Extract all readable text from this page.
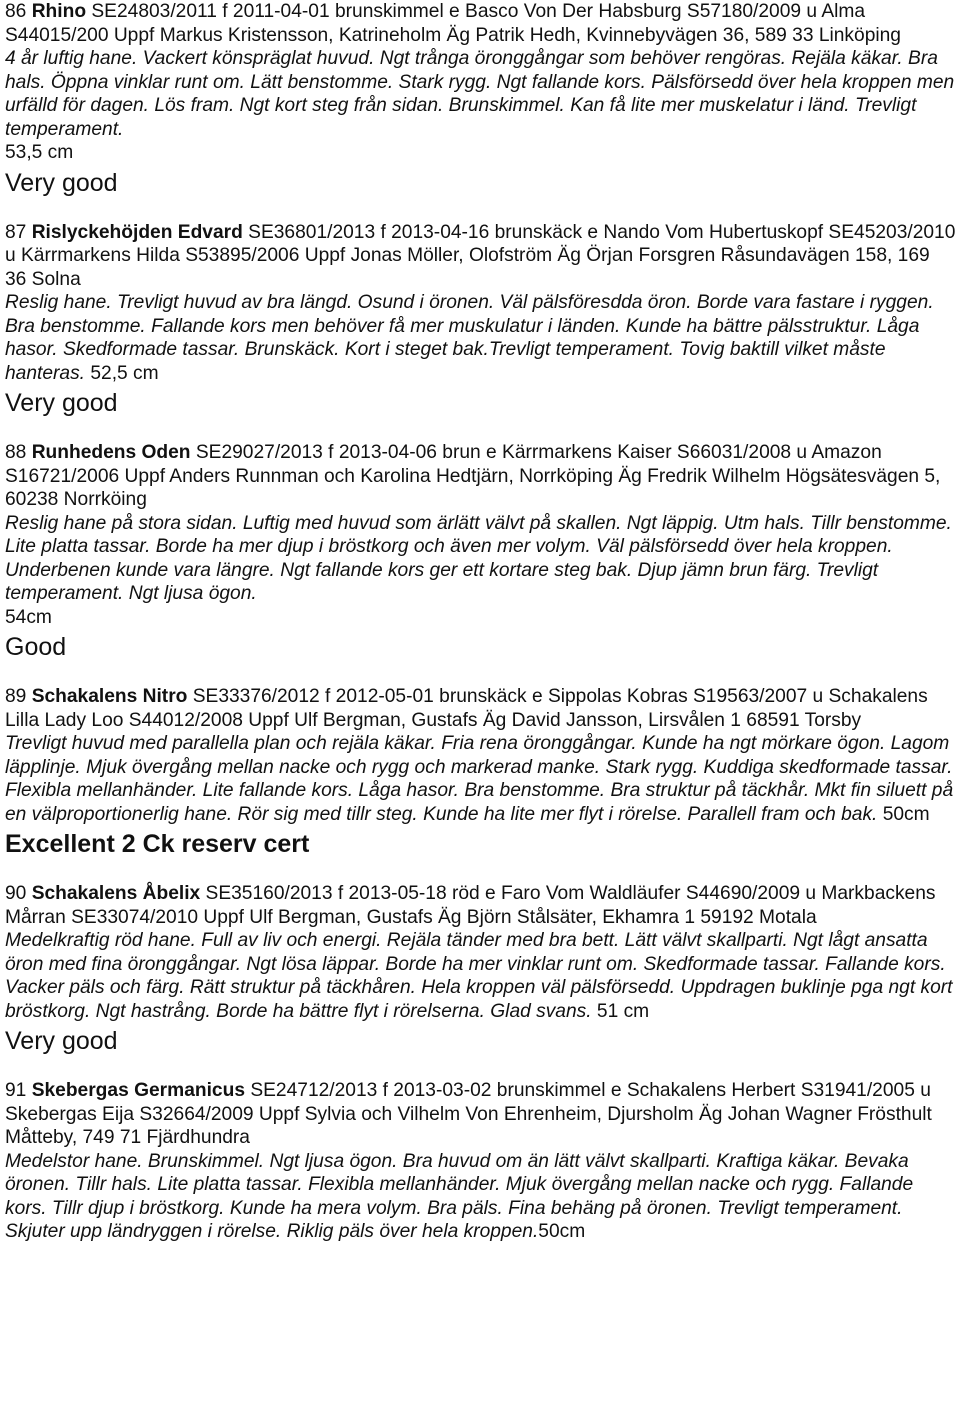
86 Rhino SE24803/2011 f 2011-04-01 brunskimmel e Basco Von Der Habsburg S57180/2009 u Alma S44015/200 Uppf Markus Kristensson, Katrineholm Äg Patrik Hedh, Kvinnebyvägen 36, 589 33 Linköping

4 år luftig hane. Vackert könspräglat huvud. Ngt trånga öronggångar som behöver rengöras. Rejäla käkar. Bra hals. Öppna vinklar runt om. Lätt benstomme. Stark rygg. Ngt fallande kors. Pälsförsedd över hela kroppen men urfälld för dagen. Lös fram. Ngt kort steg från sidan. Brunskimmel. Kan få lite mer muskelatur i länd. Trevligt temperament.
53,5 cm

Very good

87 Rislyckehöjden Edvard SE36801/2013 f 2013-04-16 brunskäck e Nando Vom Hubertuskopf SE45203/2010 u Kärrmarkens Hilda S53895/2006 Uppf Jonas Möller, Olofström Äg Örjan Forsgren Råsundavägen 158, 169 36 Solna

Reslig hane. Trevligt huvud av bra längd. Osund i öronen. Väl pälsföresdda öron. Borde vara fastare i ryggen. Bra benstomme. Fallande kors men behöver få mer muskulatur i länden. Kunde ha bättre pälsstruktur. Låga hasor. Skedformade tassar. Brunskäck. Kort i steget bak.Trevligt temperament. Tovig baktill vilket måste hanteras. 52,5 cm

Very good

88 Runhedens Oden SE29027/2013 f 2013-04-06 brun e Kärrmarkens Kaiser S66031/2008 u Amazon S16721/2006 Uppf Anders Runnman och Karolina Hedtjärn, Norrköping Äg Fredrik Wilhelm Högsätesvägen 5, 60238 Norrköing

Reslig hane på stora sidan. Luftig med huvud som ärlätt välvt på skallen. Ngt läppig. Utm hals. Tillr benstomme. Lite platta tassar. Borde ha mer djup i bröstkorg och även mer volym. Väl pälsförsedd över hela kroppen. Underbenen kunde vara längre. Ngt fallande kors ger ett kortare steg bak. Djup jämn brun färg. Trevligt temperament. Ngt ljusa ögon.
54cm

Good

89 Schakalens Nitro SE33376/2012 f 2012-05-01 brunskäck e Sippolas Kobras S19563/2007 u Schakalens Lilla Lady Loo S44012/2008 Uppf Ulf Bergman, Gustafs Äg David Jansson, Lirsvålen 1 68591 Torsby

Trevligt huvud med parallella plan och rejäla käkar. Fria rena öronggångar. Kunde ha ngt mörkare ögon. Lagom läpplinje. Mjuk övergång mellan nacke och rygg och markerad manke. Stark rygg. Kuddiga skedformade tassar. Flexibla mellanhänder. Lite fallande kors. Låga hasor. Bra benstomme. Bra struktur på täckhår. Mkt fin siluett på en välproportionerlig hane. Rör sig med tillr steg. Kunde ha lite mer flyt i rörelse. Parallell fram och bak. 50cm

Excellent 2 Ck reserv cert

90 Schakalens Åbelix SE35160/2013 f 2013-05-18 röd e Faro Vom Waldläufer S44690/2009 u Markbackens Mårran SE33074/2010 Uppf Ulf Bergman, Gustafs Äg Björn Stålsäter, Ekhamra 1 59192 Motala

Medelkraftig röd hane. Full av liv och energi. Rejäla tänder med bra bett. Lätt välvt skallparti. Ngt lågt ansatta öron med fina öronggångar. Ngt lösa läppar. Borde ha mer vinklar runt om. Skedformade tassar. Fallande kors. Vacker päls och färg. Rätt struktur på täckhåren. Hela kroppen väl pälsförsedd. Uppdragen buklinje pga ngt kort bröstkorg. Ngt hastrång. Borde ha bättre flyt i rörelserna. Glad svans. 51 cm

Very good

91 Skebergas Germanicus SE24712/2013 f 2013-03-02 brunskimmel e Schakalens Herbert S31941/2005 u Skebergas Eija S32664/2009 Uppf Sylvia och Vilhelm Von Ehrenheim, Djursholm Äg Johan Wagner Frösthult Måtteby, 749 71 Fjärdhundra

Medelstor hane. Brunskimmel. Ngt ljusa ögon. Bra huvud om än lätt välvt skallparti. Kraftiga käkar. Bevaka öronen. Tillr hals. Lite platta tassar. Flexibla mellanhänder. Mjuk övergång mellan nacke och rygg. Fallande kors. Tillr djup i bröstkorg. Kunde ha mera volym. Bra päls. Fina behäng på öronen. Trevligt temperament. Skjuter upp ländryggen i rörelse. Riklig päls över hela kroppen.50cm
